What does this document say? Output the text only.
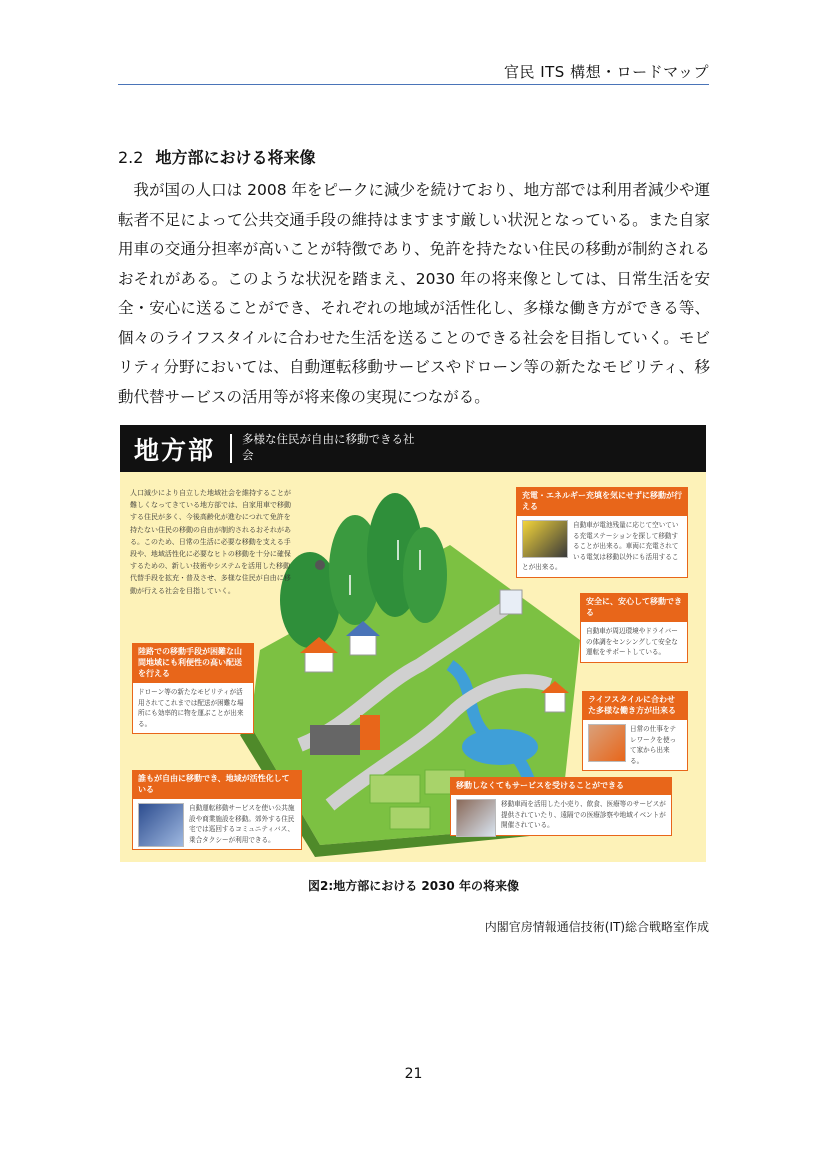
官民 ITS 構想・ロードマップ
2.2 地方部における将来像
我が国の人口は 2008 年をピークに減少を続けており、地方部では利用者減少や運転者不足によって公共交通手段の維持はますます厳しい状況となっている。また自家用車の交通分担率が高いことが特徴であり、免許を持たない住民の移動が制約されるおそれがある。このような状況を踏まえ、2030 年の将来像としては、日常生活を安全・安心に送ることができ、それぞれの地域が活性化し、多様な働き方ができる等、個々のライフスタイルに合わせた生活を送ることのできる社会を目指していく。モビリティ分野においては、自動運転移動サービスやドローン等の新たなモビリティ、移動代替サービスの活用等が将来像の実現につながる。
地方部 多様な住民が自由に移動できる社会
人口減少により自立した地域社会を維持することが難しくなってきている地方部では、自家用車で移動する住民が多く、今後高齢化が進むにつれて免許を持たない住民の移動の自由が制約されるおそれがある。このため、日常の生活に必要な移動を支える手段や、地域活性化に必要なヒトの移動を十分に確保するための、新しい技術やシステムを活用した移動代替手段を拡充・普及させ、多様な住民が自由に移動が行える社会を目指していく。
充電・エネルギー充填を気にせずに移動が行える
自動車が電池残量に応じて空いている充電ステーションを探して移動することが出来る。車両に充電されている電気は移動以外にも活用することが出来る。
安全に、安心して移動できる
自動車が周辺環境やドライバーの体調をセンシングして安全な運転をサポートしている。
陸路での移動手段が困難な山間地域にも利便性の高い配送を行える
ドローン等の新たなモビリティが活用されてこれまでは配送が困難な場所にも効率的に物を運ぶことが出来る。
ライフスタイルに合わせた多様な働き方が出来る
日常の仕事をテレワークを使って家から出来る。
誰もが自由に移動でき、地域が活性化している
自動運転移動サービスを使い公共施設や商業施設を移動。郊外する住民宅では巡回するコミュニティバス、乗合タクシーが利用できる。
移動しなくてもサービスを受けることができる
移動車両を活用した小売り、飲食、医療等のサービスが提供されていたり、遠隔での医療診察や地域イベントが開催されている。
図2:地方部における 2030 年の将来像
内閣官房情報通信技術(IT)総合戦略室作成
21
